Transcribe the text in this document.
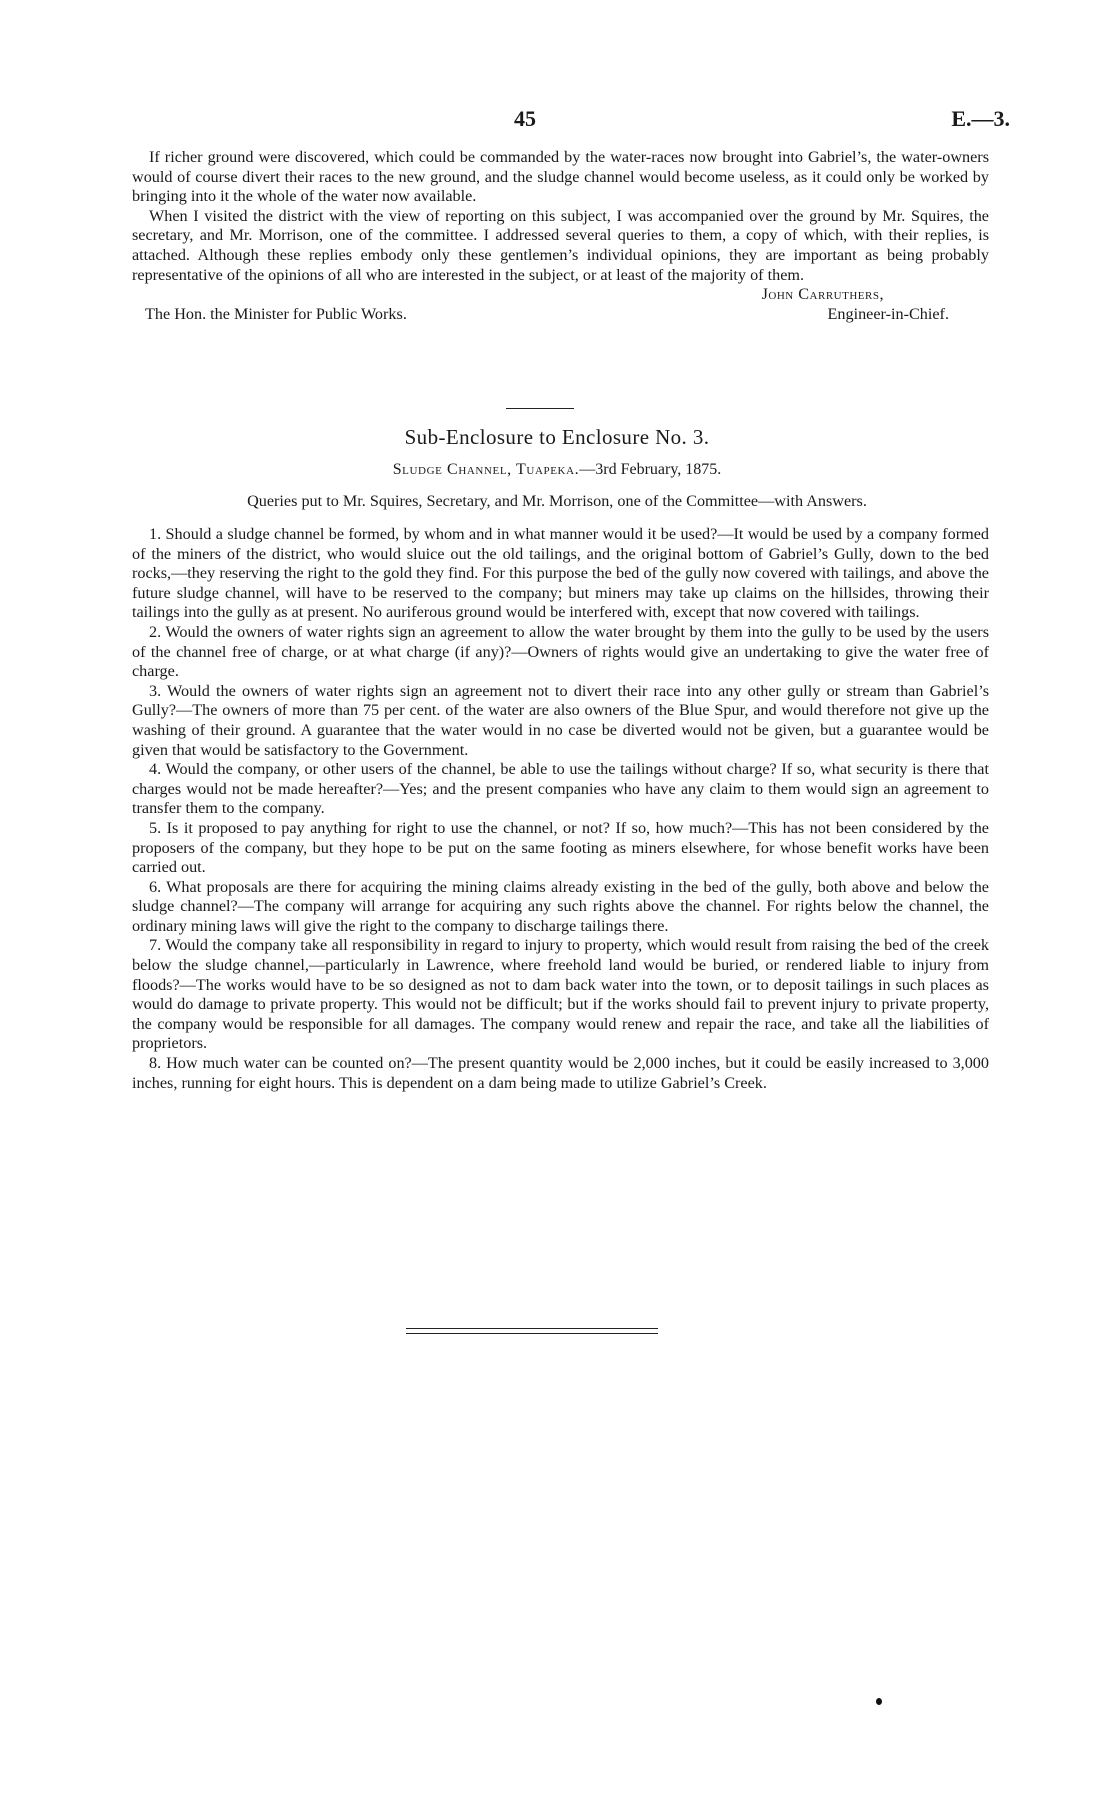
45	E.—3.

If richer ground were discovered, which could be commanded by the water-races now brought into Gabriel’s, the water-owners would of course divert their races to the new ground, and the sludge channel would become useless, as it could only be worked by bringing into it the whole of the water now available.

When I visited the district with the view of reporting on this subject, I was accompanied over the ground by Mr. Squires, the secretary, and Mr. Morrison, one of the committee. I addressed several queries to them, a copy of which, with their replies, is attached. Although these replies embody only these gentlemen’s individual opinions, they are important as being probably representative of the opinions of all who are interested in the subject, or at least of the majority of them.

John Carruthers,
The Hon. the Minister for Public Works.	Engineer-in-Chief.
Sub-Enclosure to Enclosure No. 3.
Sludge Channel, Tuapeka.—3rd February, 1875.
Queries put to Mr. Squires, Secretary, and Mr. Morrison, one of the Committee—with Answers.

1. Should a sludge channel be formed, by whom and in what manner would it be used?—It would be used by a company formed of the miners of the district, who would sluice out the old tailings, and the original bottom of Gabriel’s Gully, down to the bed rocks,—they reserving the right to the gold they find. For this purpose the bed of the gully now covered with tailings, and above the future sludge channel, will have to be reserved to the company; but miners may take up claims on the hillsides, throwing their tailings into the gully as at present. No auriferous ground would be interfered with, except that now covered with tailings.

2. Would the owners of water rights sign an agreement to allow the water brought by them into the gully to be used by the users of the channel free of charge, or at what charge (if any)?—Owners of rights would give an undertaking to give the water free of charge.

3. Would the owners of water rights sign an agreement not to divert their race into any other gully or stream than Gabriel’s Gully?—The owners of more than 75 per cent. of the water are also owners of the Blue Spur, and would therefore not give up the washing of their ground. A guarantee that the water would in no case be diverted would not be given, but a guarantee would be given that would be satisfactory to the Government.

4. Would the company, or other users of the channel, be able to use the tailings without charge? If so, what security is there that charges would not be made hereafter?—Yes; and the present companies who have any claim to them would sign an agreement to transfer them to the company.

5. Is it proposed to pay anything for right to use the channel, or not? If so, how much?—This has not been considered by the proposers of the company, but they hope to be put on the same footing as miners elsewhere, for whose benefit works have been carried out.

6. What proposals are there for acquiring the mining claims already existing in the bed of the gully, both above and below the sludge channel?—The company will arrange for acquiring any such rights above the channel. For rights below the channel, the ordinary mining laws will give the right to the company to discharge tailings there.

7. Would the company take all responsibility in regard to injury to property, which would result from raising the bed of the creek below the sludge channel,—particularly in Lawrence, where freehold land would be buried, or rendered liable to injury from floods?—The works would have to be so designed as not to dam back water into the town, or to deposit tailings in such places as would do damage to private property. This would not be difficult; but if the works should fail to prevent injury to private property, the company would be responsible for all damages. The company would renew and repair the race, and take all the liabilities of proprietors.

8. How much water can be counted on?—The present quantity would be 2,000 inches, but it could be easily increased to 3,000 inches, running for eight hours. This is dependent on a dam being made to utilize Gabriel’s Creek.
